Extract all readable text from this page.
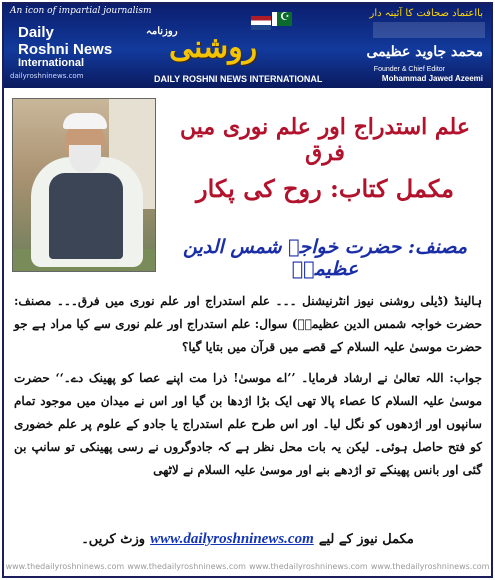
An icon of impartial journalism
Daily
Roshni News
International
dailyroshninews.com
☪
روزنامہ
روشنی
DAILY ROSHNI NEWS INTERNATIONAL
بااعتماد صحافت کا آئینہ دار
محمد جاوید عظیمی
Founder & Chief Editor
Mohammad Jawed Azeemi
علم استدراج اور علم نوری میں فرق
مکمل کتاب: روح کی پکار
مصنف: حضرت خواجہ شمس الدین عظیمیؒ

ہالینڈ (ڈیلی روشنی نیوز انٹرنیشنل ۔۔۔ علم استدراج اور علم نوری میں فرق۔۔۔ مصنف: حضرت خواجہ شمس الدین عظیمیؒ) سوال: علم استدراج اور علم نوری سے کیا مراد ہے جو حضرت موسیٰ علیہ السلام کے قصے میں قرآن میں بتایا گیا؟

جواب: اللہ تعالیٰ نے ارشاد فرمایا۔ ’’اے موسیٰ! ذرا مت اپنے عصا کو پھینک دے۔‘‘ حضرت موسیٰ علیہ السلام کا عصاء پالا تھی ایک بڑا اژدھا بن گیا اور اس نے میدان میں موجود تمام سانپوں اور اژدھوں کو نگل لیا۔ اور اس طرح علم استدراج یا جادو کے علوم پر علم خضوری کو فتح حاصل ہوئی۔ لیکن یہ بات محل نظر ہے کہ جادوگروں نے رسی پھینکی تو سانپ بن گئی اور بانس پھینکے تو اژدھے بنے اور موسیٰ علیہ السلام نے لاٹھی

وزٹ کریں۔ www.dailyroshninews.com مکمل نیوز کے لیے
www.thedailyroshninews.com www.thedailyroshninews.com www.thedailyroshninews.com www.thedailyroshninews.com
